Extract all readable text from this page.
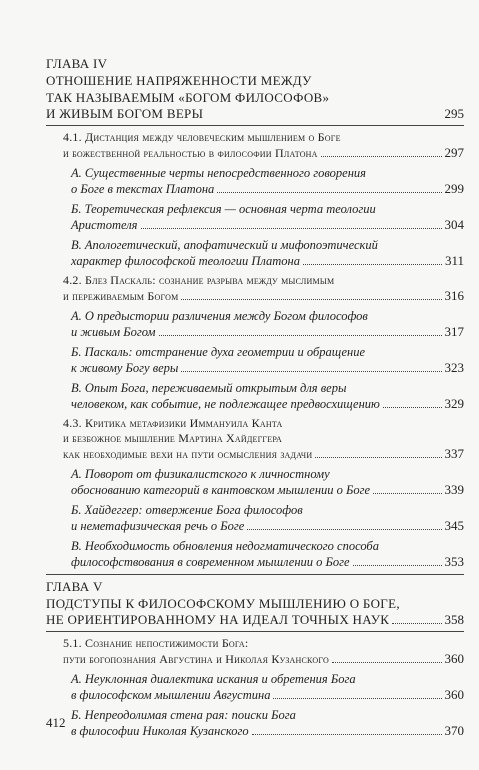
ГЛАВА IV
ОТНОШЕНИЕ НАПРЯЖЕННОСТИ МЕЖДУ
ТАК НАЗЫВАЕМЫМ «БОГОМ ФИЛОСОФОВ»
И ЖИВЫМ БОГОМ ВЕРЫ	295
4.1. Дистанция между человеческим мышлением о Боге
и божественной реальностью в философии Платона	297
А. Существенные черты непосредственного говорения
о Боге в текстах Платона	299
Б. Теоретическая рефлексия — основная черта теологии
Аристотеля	304
В. Апологетический, апофатический и мифопоэтический
характер философской теологии Платона	311
4.2. Блез Паскаль: сознание разрыва между мыслимым
и переживаемым Богом	316
А. О предыстории различения между Богом философов
и живым Богом	317
Б. Паскаль: отстранение духа геометрии и обращение
к живому Богу веры	323
В. Опыт Бога, переживаемый открытым для веры
человеком, как событие, не подлежащее предвосхищению	329
4.3. Критика метафизики Иммануила Канта
и безбожное мышление Мартина Хайдеггера
как необходимые вехи на пути осмысления задачи	337
А. Поворот от физикалистского к личностному
обоснованию категорий в кантовском мышлении о Боге	339
Б. Хайдеггер: отвержение Бога философов
и неметафизическая речь о Боге	345
В. Необходимость обновления недогматического способа
философствования в современном мышлении о Боге	353
ГЛАВА V
ПОДСТУПЫ К ФИЛОСОФСКОМУ МЫШЛЕНИЮ О БОГЕ,
НЕ ОРИЕНТИРОВАННОМУ НА ИДЕАЛ ТОЧНЫХ НАУК	358
5.1. Сознание непостижимости Бога:
пути богопознания Августина и Николая Кузанского	360
А. Неуклонная диалектика искания и обретения Бога
в философском мышлении Августина	360
Б. Непреодолимая стена рая: поиски Бога
в философии Николая Кузанского	370
412
